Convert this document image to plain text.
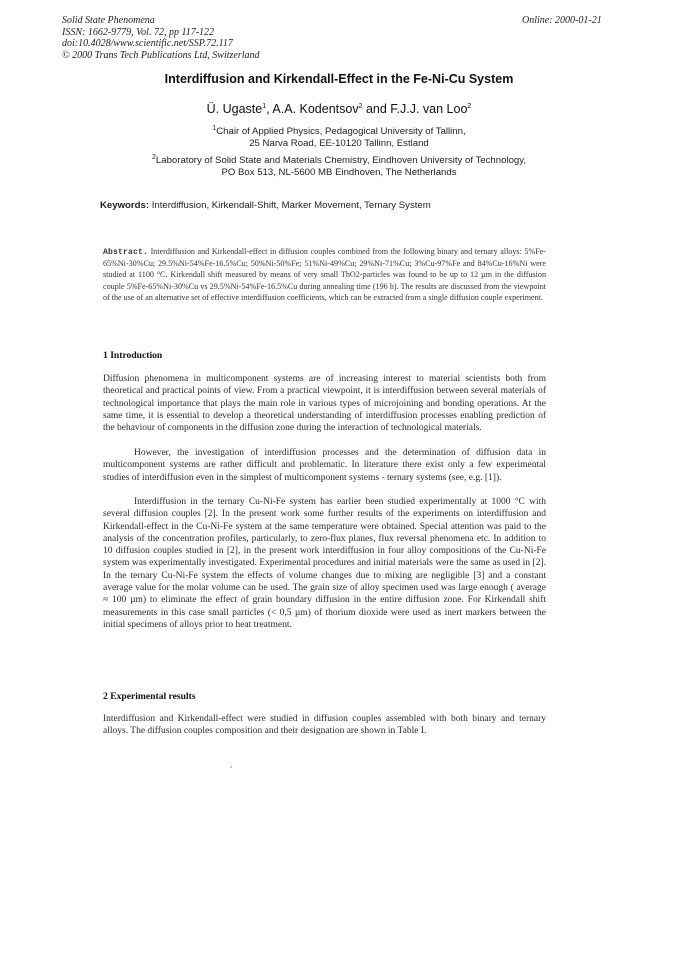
Solid State Phenomena
ISSN: 1662-9779, Vol. 72, pp 117-122
doi:10.4028/www.scientific.net/SSP.72.117
© 2000 Trans Tech Publications Ltd, Switzerland
Online: 2000-01-21
Interdiffusion and Kirkendall-Effect in the Fe-Ni-Cu System
Ü. Ugaste$^1$, A.A. Kodentsov$^2$ and F.J.J. van Loo$^2$
$^1$Chair of Applied Physics, Pedagogical University of Tallinn,
25 Narva Road, EE-10120 Tallinn, Estland
$^2$Laboratory of Solid State and Materials Chemistry, Eindhoven University of Technology,
PO Box 513, NL-5600 MB Eindhoven, The Netherlands
Keywords: Interdiffusion, Kirkendall-Shift, Marker Movement, Ternary System
Abstract. Interdiffusion and Kirkendall-effect in diffusion couples combined from the following binary and ternary alloys: 5%Fe-65%Ni-30%Cu; 29.5%Ni-54%Fe-16.5%Cu; 50%Ni-50%Fe; 51%Ni-49%Cu; 29%Ni-71%Cu; 3%Cu-97%Fe and 84%Cu-16%Ni were studied at 1100 °C. Kirkendall shift measured by means of very small ThO2-particles was found to be up to 12 µm in the diffusion couple 5%Fe-65%Ni-30%Cu vs 29.5%Ni-54%Fe-16.5%Cu during annealing time (196 h). The results are discussed from the viewpoint of the use of an alternative set of effective interdiffusion coefficients, which can be extracted from a single diffusion couple experiment.
1 Introduction

Diffusion phenomena in multicomponent systems are of increasing interest to material scientists both from theoretical and practical points of view. From a practical viewpoint, it is interdiffusion between several materials of technological importance that plays the main role in various types of microjoining and bonding operations. At the same time, it is essential to develop a theoretical understanding of interdiffusion processes enabling prediction of the behaviour of components in the diffusion zone during the interaction of technological materials.

However, the investigation of interdiffusion processes and the determination of diffusion data in multicomponent systems are rather difficult and problematic. In literature there exist only a few experimental studies of interdiffusion even in the simplest of multicomponent systems - ternary systems (see, e.g. [1]).

Interdiffusion in the ternary Cu-Ni-Fe system has earlier been studied experimentally at 1000 °C with several diffusion couples [2]. In the present work some further results of the experiments on interdiffusion and Kirkendall-effect in the Cu-Ni-Fe system at the same temperature were obtained. Special attention was paid to the analysis of the concentration profiles, particularly, to zero-flux planes, flux reversal phenomena etc. In addition to 10 diffusion couples studied in [2], in the present work interdiffusion in four alloy compositions of the Cu-Ni-Fe system was experimentally investigated. Experimental procedures and initial materials were the same as used in [2]. In the ternary Cu-Ni-Fe system the effects of volume changes due to mixing are negligible [3] and a constant average value for the molar volume can be used. The grain size of alloy specimen used was large enough ( average ≈ 100 µm) to eliminate the effect of grain boundary diffusion in the entire diffusion zone. For Kirkendall shift measurements in this case small particles (< 0,5 µm) of thorium dioxide were used as inert markers between the initial specimens of alloys prior to heat treatment.

2 Experimental results

Interdiffusion and Kirkendall-effect were studied in diffusion couples assembled with both binary and ternary alloys. The diffusion couples composition and their designation are shown in Table I.
